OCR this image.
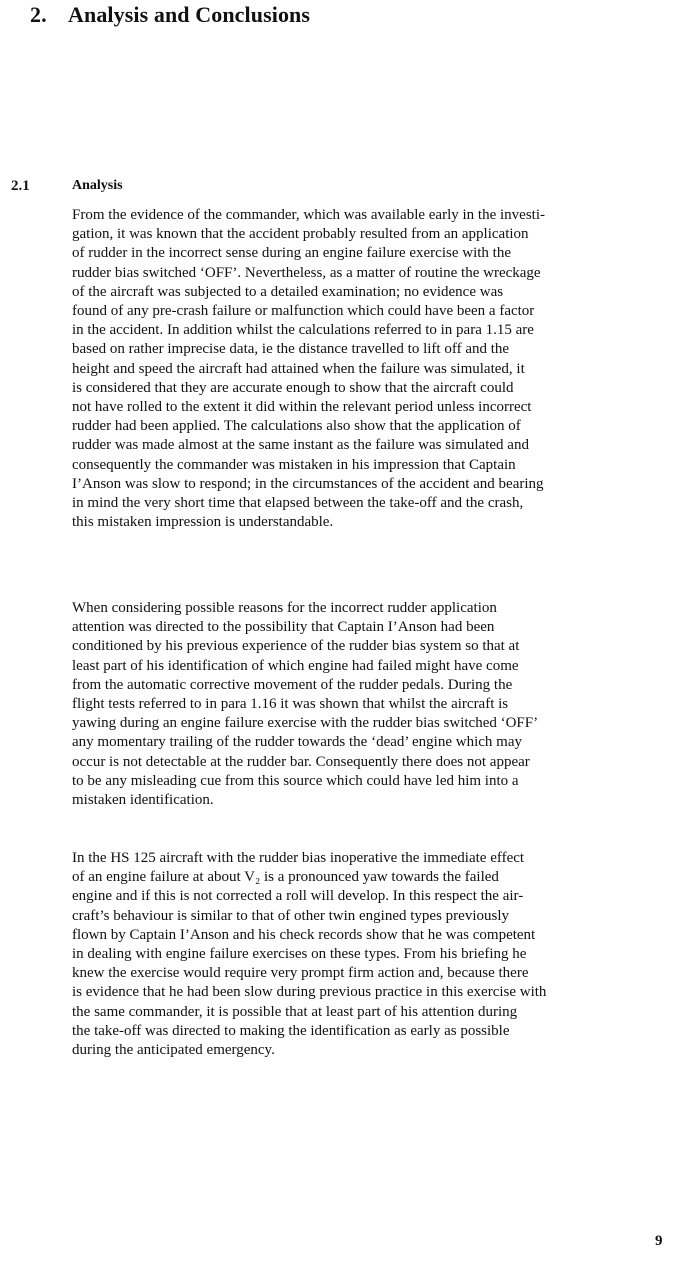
2. Analysis and Conclusions
2.1	Analysis
From the evidence of the commander, which was available early in the investi-
gation, it was known that the accident probably resulted from an application
of rudder in the incorrect sense during an engine failure exercise with the
rudder bias switched ‘OFF’. Nevertheless, as a matter of routine the wreckage
of the aircraft was subjected to a detailed examination; no evidence was
found of any pre-crash failure or malfunction which could have been a factor
in the accident. In addition whilst the calculations referred to in para 1.15 are
based on rather imprecise data, ie the distance travelled to lift off and the
height and speed the aircraft had attained when the failure was simulated, it
is considered that they are accurate enough to show that the aircraft could
not have rolled to the extent it did within the relevant period unless incorrect
rudder had been applied. The calculations also show that the application of
rudder was made almost at the same instant as the failure was simulated and
consequently the commander was mistaken in his impression that Captain
I’Anson was slow to respond; in the circumstances of the accident and bearing
in mind the very short time that elapsed between the take-off and the crash,
this mistaken impression is understandable.
When considering possible reasons for the incorrect rudder application
attention was directed to the possibility that Captain I’Anson had been
conditioned by his previous experience of the rudder bias system so that at
least part of his identification of which engine had failed might have come
from the automatic corrective movement of the rudder pedals. During the
flight tests referred to in para 1.16 it was shown that whilst the aircraft is
yawing during an engine failure exercise with the rudder bias switched ‘OFF’
any momentary trailing of the rudder towards the ‘dead’ engine which may
occur is not detectable at the rudder bar. Consequently there does not appear
to be any misleading cue from this source which could have led him into a
mistaken identification.
In the HS 125 aircraft with the rudder bias inoperative the immediate effect
of an engine failure at about V₂ is a pronounced yaw towards the failed
engine and if this is not corrected a roll will develop. In this respect the air-
craft’s behaviour is similar to that of other twin engined types previously
flown by Captain I’Anson and his check records show that he was competent
in dealing with engine failure exercises on these types. From his briefing he
knew the exercise would require very prompt firm action and, because there
is evidence that he had been slow during previous practice in this exercise with
the same commander, it is possible that at least part of his attention during
the take-off was directed to making the identification as early as possible
during the anticipated emergency.
9
